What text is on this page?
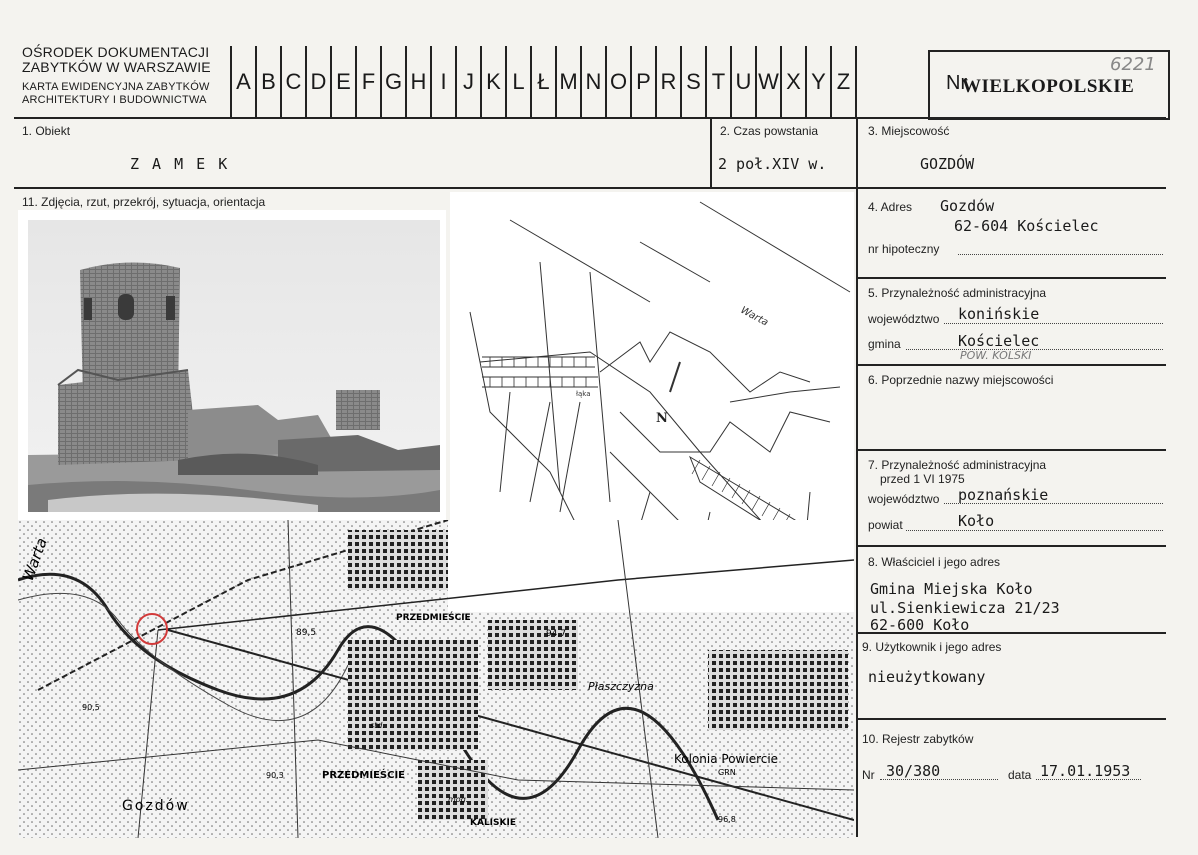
OŚRODEK DOKUMENTACJI
ZABYTKÓW W WARSZAWIE
KARTA EWIDENCYJNA ZABYTKÓW
ARCHITEKTURY I BUDOWNICTWA
A B C D E F G H I J K L Ł M N O P R S T U W X Y Z	Nr
WIELKOPOLSKIE
6221
1. Obiekt
Z A M E K
2. Czas powstania
2 poł.XIV w.
3. Miejscowość
GOZDÓW
11. Zdjęcia, rzut, przekrój, sytuacja, orientacja	4. Adres Gozdów
62-604 Kościelec
nr hipoteczny
5. Przynależność administracyjna
województwo konińskie
gmina	Kościelec
POW. KOLSKI
6. Poprzednie nazwy miejscowości
7. Przynależność administracyjna
przed 1 VI 1975
województwo poznańskie
powiat	Koło
8. Właściciel i jego adres
Gmina Miejska Koło
ul.Sienkiewicza 21/23
62-600 Koło
9. Użytkownik i jego adres
nieużytkowany
10. Rejestr zabytków
Nr 30/380	data 17.01.1953
Warta
N
łąka
Warta
PRZEDMIEŚCIE
Płaszczyzna
Kolonia Powiercie
GRN
PRZEDMIEŚCIE
Gozdów
KALISKIE
89,5	94,7
90,5
90,3
96,8
std.
mog.
